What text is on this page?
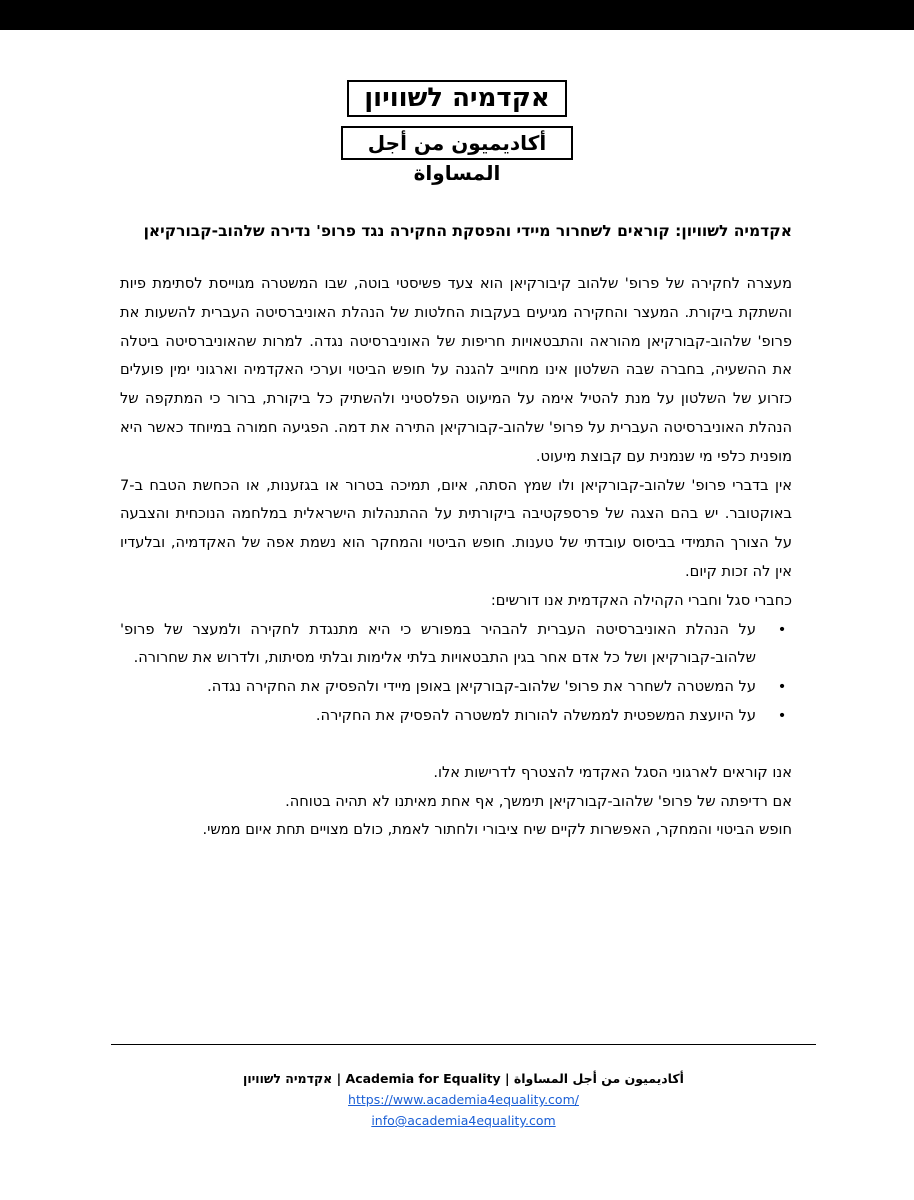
אקדמיה לשוויון
أكاديميون من أجل المساواة
אקדמיה לשוויון: קוראים לשחרור מיידי והפסקת החקירה נגד פרופ' נדירה שלהוב-קבורקיאן

מעצרה לחקירה של פרופ' שלהוב קיבורקיאן הוא צעד פשיסטי בוטה, שבו המשטרה מגוייסת לסתימת פיות והשתקת ביקורת. המעצר והחקירה מגיעים בעקבות החלטות של הנהלת האוניברסיטה העברית להשעות את פרופ' שלהוב-קבורקיאן מהוראה והתבטאויות חריפות של האוניברסיטה נגדה. למרות שהאוניברסיטה ביטלה את ההשעיה, בחברה שבה השלטון אינו מחוייב להגנה על חופש הביטוי וערכי האקדמיה וארגוני ימין פועלים כזרוע של השלטון על מנת להטיל אימה על המיעוט הפלסטיני ולהשתיק כל ביקורת, ברור כי המתקפה של הנהלת האוניברסיטה העברית על פרופ' שלהוב-קבורקיאן התירה את דמה. הפגיעה חמורה במיוחד כאשר היא מופנית כלפי מי שנמנית עם קבוצת מיעוט.

אין בדברי פרופ' שלהוב-קבורקיאן ולו שמץ הסתה, איום, תמיכה בטרור או בגזענות, או הכחשת הטבח ב-7 באוקטובר. יש בהם הצגה של פרספקטיבה ביקורתית על ההתנהלות הישראלית במלחמה הנוכחית והצבעה על הצורך התמידי בביסוס עובדתי של טענות. חופש הביטוי והמחקר הוא נשמת אפה של האקדמיה, ובלעדיו אין לה זכות קיום.

כחברי סגל וחברי הקהילה האקדמית אנו דורשים:

• על הנהלת האוניברסיטה העברית להבהיר במפורש כי היא מתנגדת לחקירה ולמעצר של פרופ' שלהוב-קבורקיאן ושל כל אדם אחר בגין התבטאויות בלתי אלימות ובלתי מסיתות, ולדרוש את שחרורה.
• על המשטרה לשחרר את פרופ' שלהוב-קבורקיאן באופן מיידי ולהפסיק את החקירה נגדה.
• על היועצת המשפטית לממשלה להורות למשטרה להפסיק את החקירה.

אנו קוראים לארגוני הסגל האקדמי להצטרף לדרישות אלו.

אם רדיפתה של פרופ' שלהוב-קבורקיאן תימשך, אף אחת מאיתנו לא תהיה בטוחה.

חופש הביטוי והמחקר, האפשרות לקיים שיח ציבורי ולחתור לאמת, כולם מצויים תחת איום ממשי.

אקדמיה לשוויון | Academia for Equality | أكاديميون من أجل المساواة
https://www.academia4equality.com/
info@academia4equality.com
